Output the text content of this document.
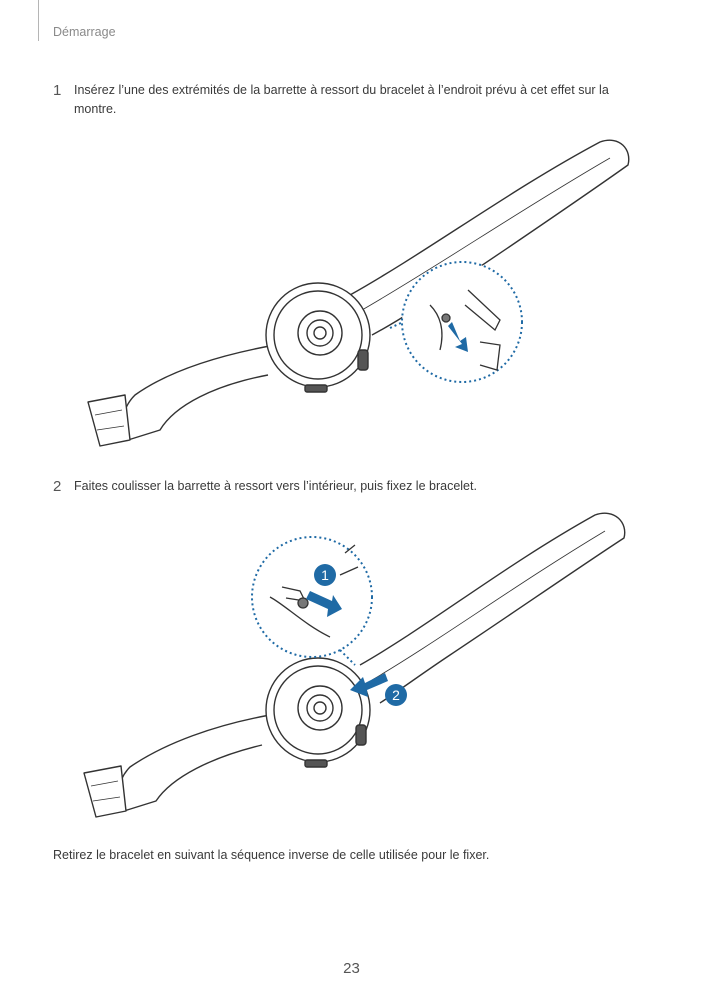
Démarrage
1 Insérez l’une des extrémités de la barrette à ressort du bracelet à l’endroit prévu à cet effet sur la montre.
2 Faites coulisser la barrette à ressort vers l’intérieur, puis fixez le bracelet.
1
2
Retirez le bracelet en suivant la séquence inverse de celle utilisée pour le fixer.
23
